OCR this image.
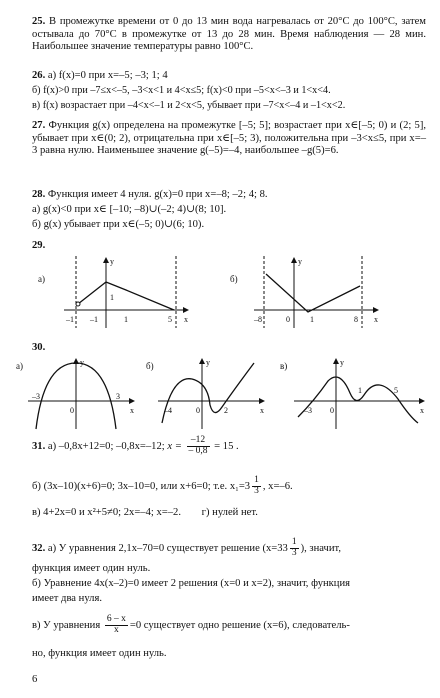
25. В промежутке времени от 0 до 13 мин вода нагревалась от 20°С до 100°С, затем остывала до 70°С в промежутке от 13 до 28 мин. Время наблюдения — 28 мин. Наибольшее значение температуры равно 100°С.
26. а) f(x)=0 при x=–5; –3; 1; 4
б) f(x)>0 при –7≤x<–5, –3<x<1 и 4<x≤5; f(x)<0 при –5<x<–3 и 1<x<4.
в) f(x) возрастает при –4<x<–1 и 2<x<5, убывает при –7<x<–4 и –1<x<2.
27. Функция g(x) определена на промежутке [–5; 5]; возрастает при x∈[–5; 0) и (2; 5], убывает при x∈(0; 2), отрицательна при x∈[–5; 3), положительна при –3<x≤5, при x=–3 равна нулю. Наименьшее значение g(–5)=–4, наибольшее –g(5)=6.
28. Функция имеет 4 нуля. g(x)=0 при x=–8; –2; 4; 8.
а) g(x)<0 при x∈ [–10; –8)∪(–2; 4)∪(8; 10].
б) g(x) убывает при x∈(–5; 0)∪(6; 10).
29.
а)
y
x
–1 –1	1	5
1
б)
y
x
–8	0	1	8
30.
а)	y
x
–3
0
3
б)	y
x
–4	0	2
в)	y
x
–3 0
1	5
31. а) –0,8x+12=0; –0,8x=–12; $x = \frac{-12}{- 0,8} = 15$ .
б) (3x–10)(x+6)=0; 3x–10=0, или x+6=0; т.е. $x_1=3 \frac{1}{3}$ , x=–6.
в) 4+2x=0 и x²+5≠0; 2x=–4; x=–2. г) нулей нет.
32. а) У уравнения 2,1x–70=0 существует решение ($x=33 \frac{1}{3}$ ), значит,
функция имеет один нуль.
б) Уравнение 4x(x–2)=0 имеет 2 решения (x=0 и x=2), значит, функция
имеет два нуля.
в) У уравнения $\frac{6 - x}{x} =0$ существует одно решение (x=6), следователь-
но, функция имеет один нуль.
6
